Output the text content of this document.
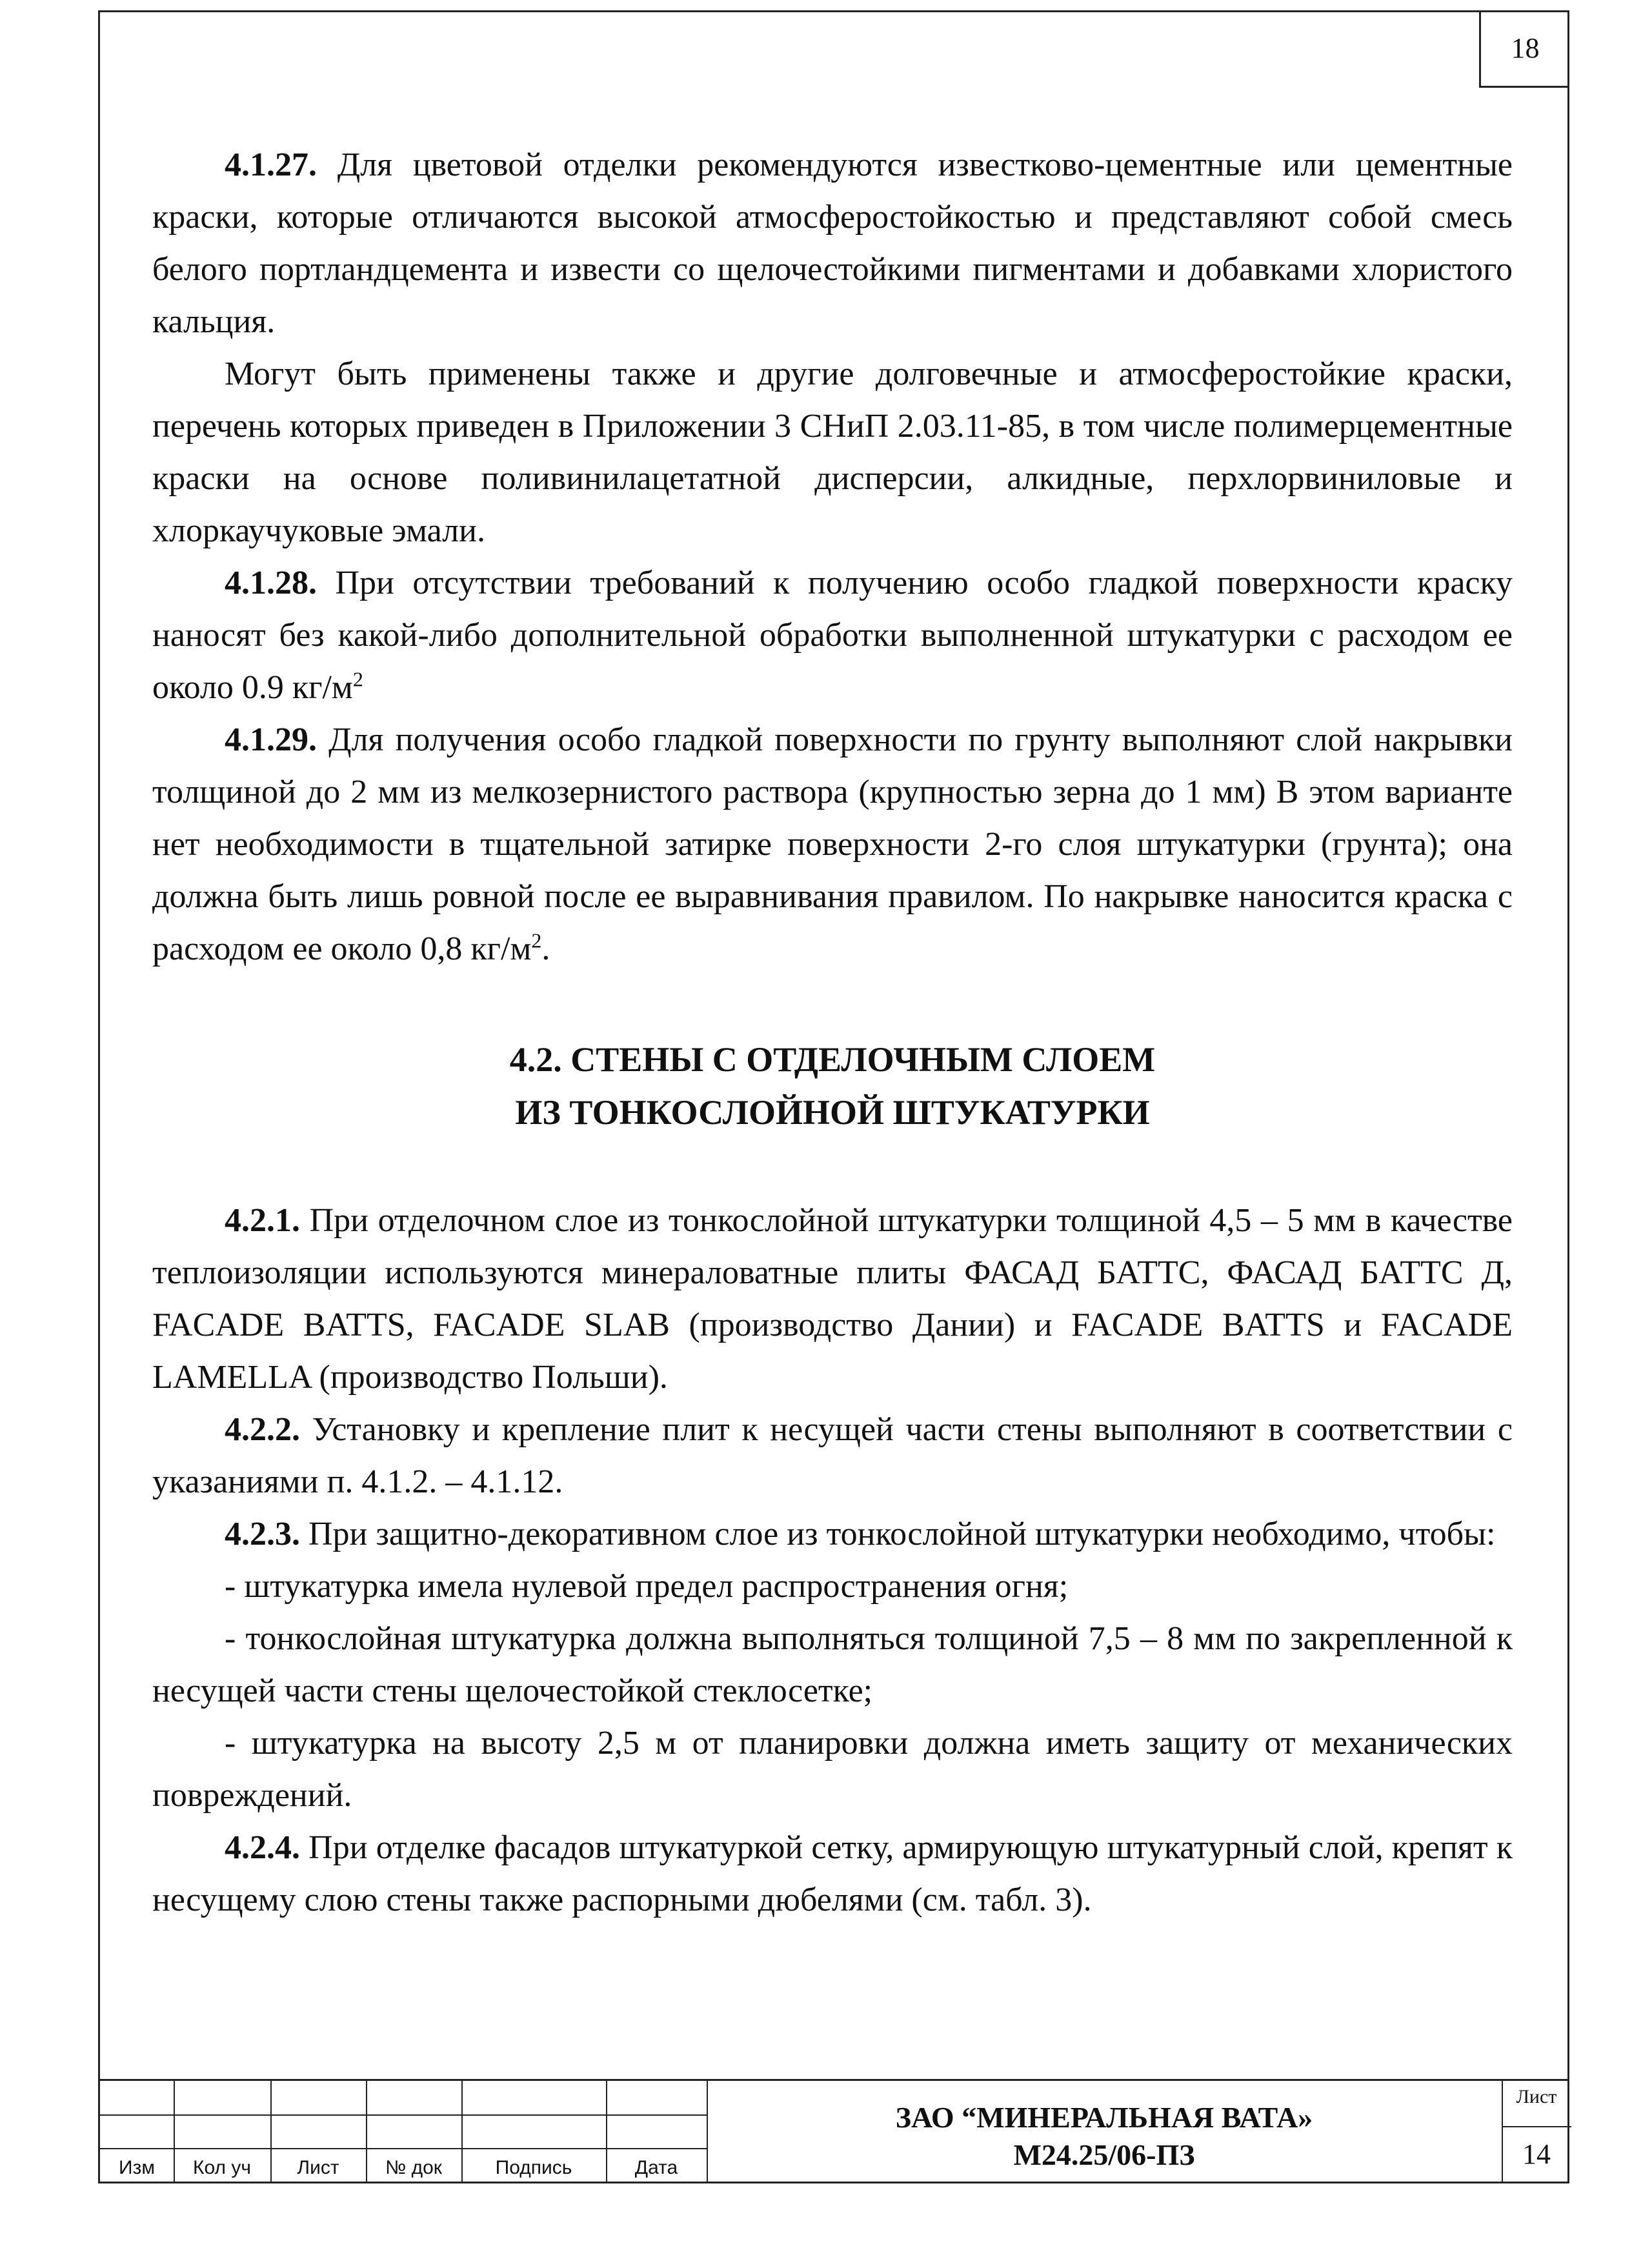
18
4.1.27. Для цветовой отделки рекомендуются известково-цементные или цементные краски, которые отличаются высокой атмосферостойкостью и представляют собой смесь белого портландцемента и извести со щелочестойкими пигментами и добавками хлористого кальция.
Могут быть применены также и другие долговечные и атмосферостойкие краски, перечень которых приведен в Приложении 3 СНиП 2.03.11-85, в том числе полимерцементные краски на основе поливинилацетатной дисперсии, алкидные, перхлорвиниловые и хлоркаучуковые эмали.
4.1.28. При отсутствии требований к получению особо гладкой поверхности краску наносят без какой-либо дополнительной обработки выполненной штукатурки с расходом ее около 0.9 $кг/м^2$
4.1.29. Для получения особо гладкой поверхности по грунту выполняют слой накрывки толщиной до 2 мм из мелкозернистого раствора (крупностью зерна до 1 мм) В этом варианте нет необходимости в тщательной затирке поверхности 2-го слоя штукатурки (грунта); она должна быть лишь ровной после ее выравнивания правилом. По накрывке наносится краска с расходом ее около 0,8 $кг/м^2$.
4.2. СТЕНЫ С ОТДЕЛОЧНЫМ СЛОЕМ
ИЗ ТОНКОСЛОЙНОЙ ШТУКАТУРКИ
4.2.1. При отделочном слое из тонкослойной штукатурки толщиной 4,5 – 5 мм в качестве теплоизоляции используются минераловатные плиты ФАСАД БАТТС, ФАСАД БАТТС Д, FACADE BATTS, FACADE SLAB (производство Дании) и FACADE BATTS и FACADE LAMELLA (производство Польши).
4.2.2. Установку и крепление плит к несущей части стены выполняют в соответствии с указаниями п. 4.1.2. – 4.1.12.
4.2.3. При защитно-декоративном слое из тонкослойной штукатурки необходимо, чтобы:
- штукатурка имела нулевой предел распространения огня;
- тонкослойная штукатурка должна выполняться толщиной 7,5 – 8 мм по закрепленной к несущей части стены щелочестойкой стеклосетке;
- штукатурка на высоту 2,5 м от планировки должна иметь защиту от механических повреждений.
4.2.4. При отделке фасадов штукатуркой сетку, армирующую штукатурный слой, крепят к несущему слою стены также распорными дюбелями (см. табл. 3).
Изм	Кол уч	Лист	№ док	Подпись	Дата
ЗАО “МИНЕРАЛЬНАЯ ВАТА»
М24.25/06-ПЗ
Лист
14
